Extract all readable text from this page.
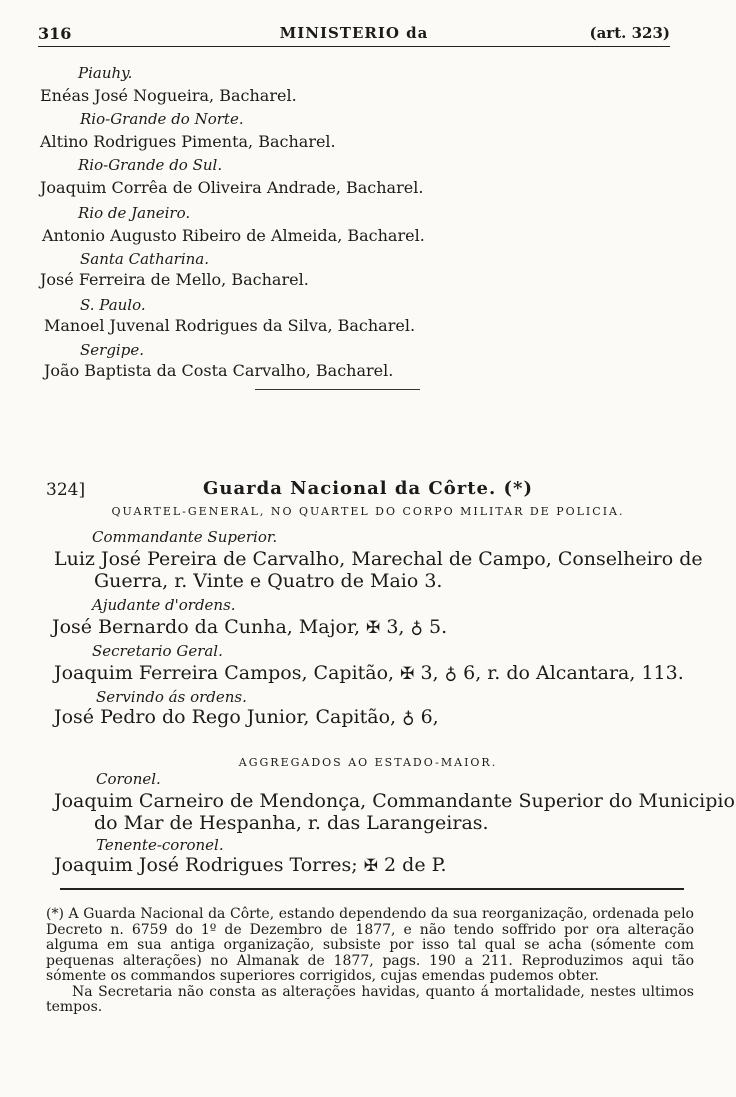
316	MINISTERIO da	(art. 323)
Piauhy.
Enéas José Nogueira, Bacharel.
Rio-Grande do Norte.
Altino Rodrigues Pimenta, Bacharel.
Rio-Grande do Sul.
Joaquim Corrêa de Oliveira Andrade, Bacharel.
Rio de Janeiro.
Antonio Augusto Ribeiro de Almeida, Bacharel.
Santa Catharina.
José Ferreira de Mello, Bacharel.
S. Paulo.
Manoel Juvenal Rodrigues da Silva, Bacharel.
Sergipe.
João Baptista da Costa Carvalho, Bacharel.
324]	Guarda Nacional da Côrte. (*)
QUARTEL-GENERAL, NO QUARTEL DO CORPO MILITAR DE POLICIA.
Commandante Superior.
Luiz José Pereira de Carvalho, Marechal de Campo, Conselheiro de
Guerra, r. Vinte e Quatro de Maio 3.
Ajudante d'ordens.
José Bernardo da Cunha, Major, ✠ 3, ♁ 5.
Secretario Geral.
Joaquim Ferreira Campos, Capitão, ✠ 3, ♁ 6, r. do Alcantara, 113.
Servindo ás ordens.
José Pedro do Rego Junior, Capitão, ♁ 6,
AGGREGADOS AO ESTADO-MAIOR.
Coronel.
Joaquim Carneiro de Mendonça, Commandante Superior do Municipio
do Mar de Hespanha, r. das Larangeiras.
Tenente-coronel.
Joaquim José Rodrigues Torres; ✠ 2 de P.

(*) A Guarda Nacional da Côrte, estando dependendo da sua reorganização, ordenada pelo Decreto n. 6759 do 1º de Dezembro de 1877, e não tendo soffrido por ora alteração alguma em sua antiga organização, subsiste por isso tal qual se acha (sómente com pequenas alterações) no Almanak de 1877, pags. 190 a 211. Reproduzimos aqui tão sómente os commandos superiores corrigidos, cujas emendas pudemos obter.

Na Secretaria não consta as alterações havidas, quanto á mortalidade, nestes ultimos tempos.
